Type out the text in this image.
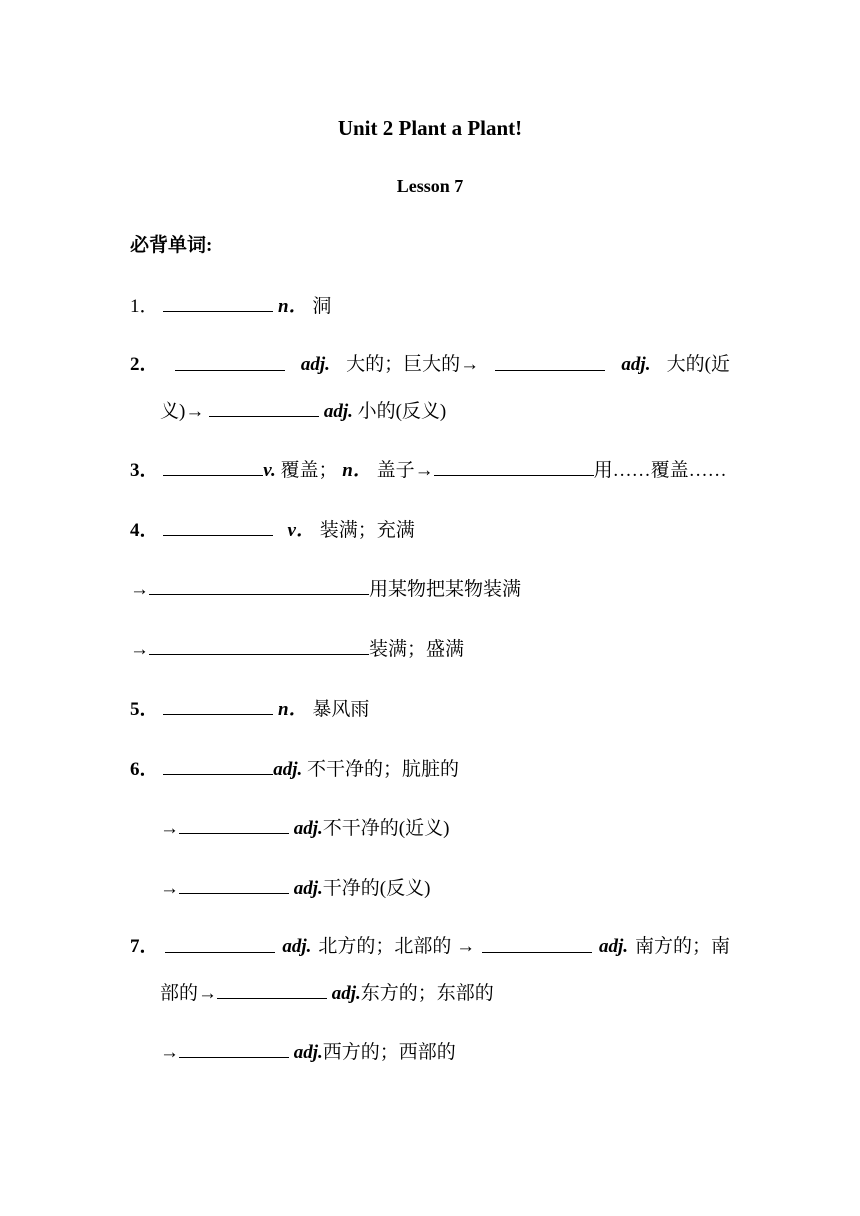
Unit 2 Plant a Plant!
Lesson 7
必背单词:
1．	n． 洞
2．	adj. 大的；巨大的→	adj. 大的(近
义)→	adj. 小的(反义)
3．	v. 覆盖； n． 盖子→	用……覆盖……
4．	v． 装满；充满
→	用某物把某物装满
→	装满；盛满
5．	n． 暴风雨
6．	adj. 不干净的；肮脏的
→	adj.不干净的(近义)
→	adj.干净的(反义)
7．	adj. 北方的；北部的 →	adj. 南方的；南
部的→	adj.东方的；东部的
→	adj.西方的；西部的
